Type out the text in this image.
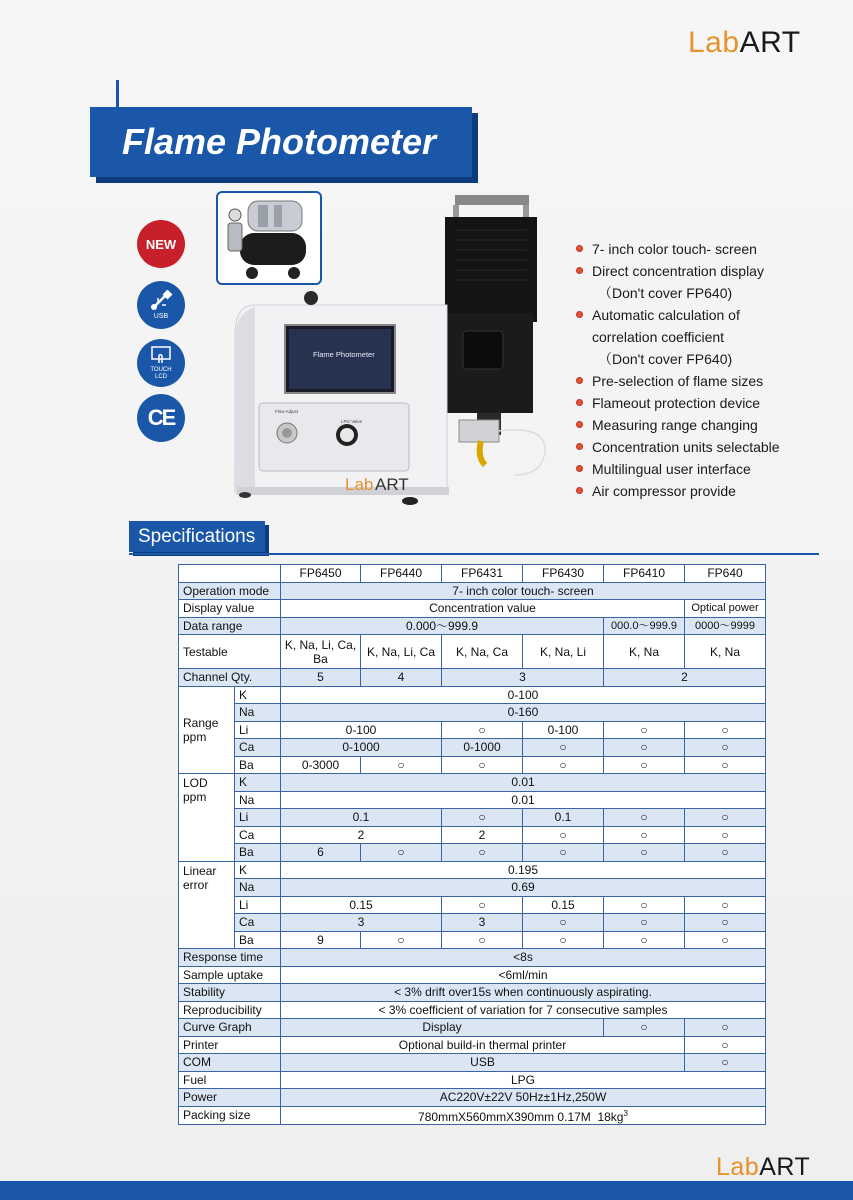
LabART
Flame Photometer
NEW
USB
TOUCH LCD
CE
Flame Photometer
Flow Adjust
LPG Valve
Lab ART
7- inch color touch- screen
Direct concentration display
（Don't cover FP640)
Automatic calculation of
correlation coefficient
（Don't cover FP640)
Pre-selection of flame sizes
Flameout protection device
Measuring range changing
Concentration units selectable
Multilingual user interface
Air compressor provide
Specifications
		FP6450	FP6440	FP6431	FP6430	FP6410	FP640
Operation mode		7- inch color touch- screen					
Display value		Concentration value					Optical power
Data range		0.000～999.9				000.0～999.9	0000～9999
Testable		K, Na, Li, Ca, Ba	K, Na, Li, Ca	K, Na, Ca	K, Na, Li	K, Na	K, Na
Channel Qty.		5	4	3		2	
Range
ppm	K	0-100					
	Na	0-160					
	Li	0-100		○	0-100	○	○
	Ca	0-1000		0-1000	○	○	○
	Ba	0-3000	○	○	○	○	○
LOD
ppm	K	0.01					
	Na	0.01					
	Li	0.1		○	0.1	○	○
	Ca	2		2	○	○	○
	Ba	6	○	○	○	○	○
Linear
error	K	0.195					
	Na	0.69					
	Li	0.15		○	0.15	○	○
	Ca	3		3	○	○	○
	Ba	9	○	○	○	○	○
Response time		<8s					
Sample uptake		<6ml/min					
Stability		< 3% drift over15s when continuously aspirating.					
Reproducibility		< 3% coefficient of variation for 7 consecutive samples					
Curve Graph		Display				○	○
Printer		Optional build-in thermal printer					○
COM		USB					○
Fuel		LPG					
Power		AC220V±22V 50Hz±1Hz,250W					
Packing size		780mmX560mmX390mm 0.17M $18kg^3$
LabART
